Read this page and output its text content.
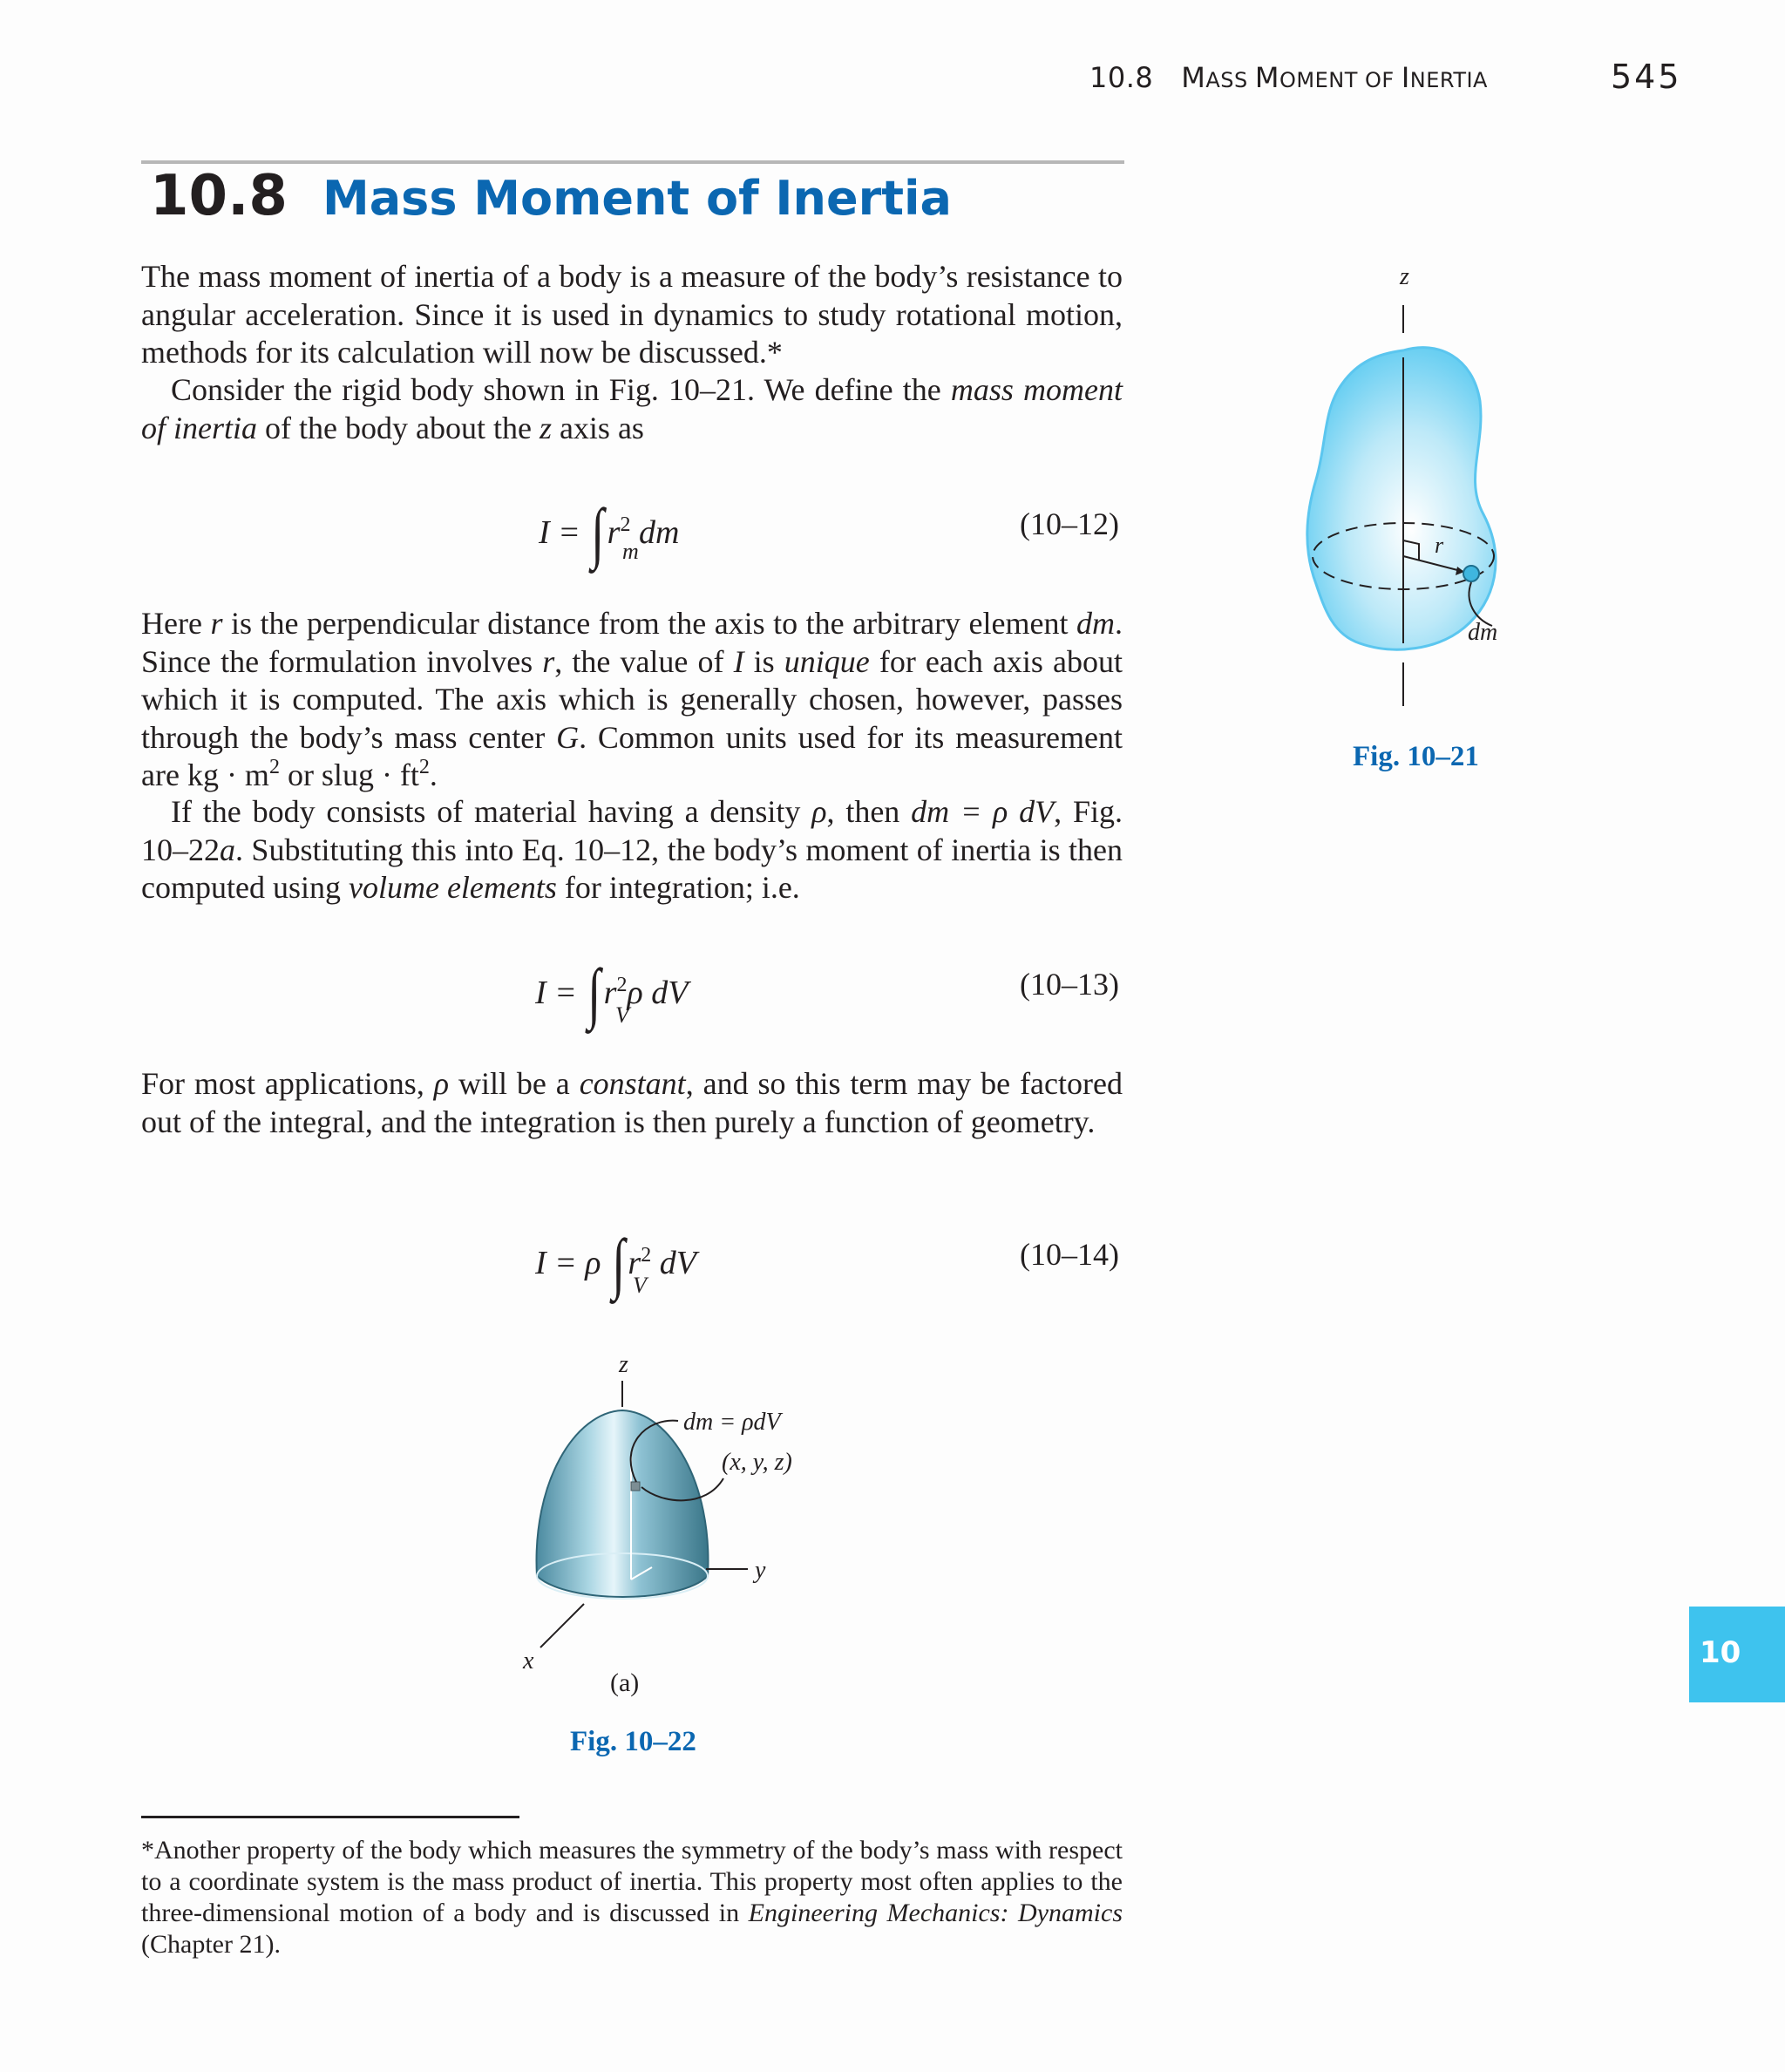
10.8 MASS MOMENT OF INERTIA	545
10.8 Mass Moment of Inertia
The mass moment of inertia of a body is a measure of the body’s resistance to angular acceleration. Since it is used in dynamics to study rotational motion, methods for its calculation will now be discussed.*
Consider the rigid body shown in Fig. 10–21. We define the mass moment of inertia of the body about the z axis as
$I = \int r^2$ dm
m
(10–12)
Here r is the perpendicular distance from the axis to the arbitrary element dm. Since the formulation involves r, the value of I is unique for each axis about which it is computed. The axis which is generally chosen, however, passes through the body’s mass center G. Common units used for its measurement are kg · $m^2$ or slug · $ft^2$.
If the body consists of material having a density ρ, then dm = ρ dV, Fig. 10–22a. Substituting this into Eq. 10–12, the body’s moment of inertia is then computed using volume elements for integration; i.e.
$I = \int r^2\rho$ dV
V
(10–13)
For most applications, ρ will be a constant, and so this term may be factored out of the integral, and the integration is then purely a function of geometry.
I = ρ $\int r^2$ dV
V
(10–14)
z
r
dm
Fig. 10–21
z
y
x
dm = ρdV
(x, y, z)
(a)
Fig. 10–22
*Another property of the body which measures the symmetry of the body’s mass with respect to a coordinate system is the mass product of inertia. This property most often applies to the three-dimensional motion of a body and is discussed in Engineering Mechanics: Dynamics (Chapter 21).
10
